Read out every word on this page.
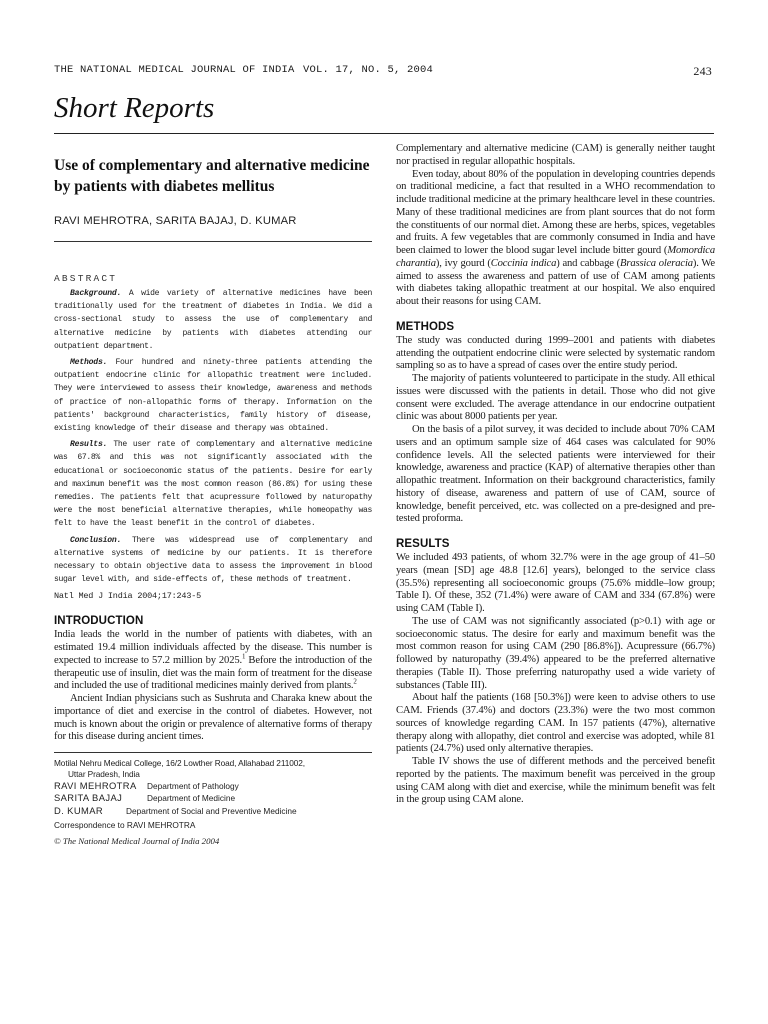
THE NATIONAL MEDICAL JOURNAL OF INDIA VOL. 17, NO. 5, 2004	243
Short Reports
Use of complementary and alternative medicine by patients with diabetes mellitus
RAVI MEHROTRA, SARITA BAJAJ, D. KUMAR
ABSTRACT

Background. A wide variety of alternative medicines have been traditionally used for the treatment of diabetes in India. We did a cross-sectional study to assess the use of complementary and alternative medicine by patients with diabetes attending our outpatient department.

Methods. Four hundred and ninety-three patients attending the outpatient endocrine clinic for allopathic treatment were included. They were interviewed to assess their knowledge, awareness and methods of practice of non-allopathic forms of therapy. Information on the patients' background characteristics, family history of disease, existing knowledge of their disease and therapy was obtained.

Results. The user rate of complementary and alternative medicine was 67.8% and this was not significantly associated with the educational or socioeconomic status of the patients. Desire for early and maximum benefit was the most common reason (86.8%) for using these remedies. The patients felt that acupressure followed by naturopathy were the most beneficial alternative therapies, while homeopathy was felt to have the least benefit in the control of diabetes.

Conclusion. There was widespread use of complementary and alternative systems of medicine by our patients. It is therefore necessary to obtain objective data to assess the improvement in blood sugar level with, and side-effects of, these methods of treatment.

Natl Med J India 2004;17:243-5
INTRODUCTION

India leads the world in the number of patients with diabetes, with an estimated 19.4 million individuals affected by the disease. This number is expected to increase to 57.2 million by 2025.$^1$ Before the introduction of the therapeutic use of insulin, diet was the main form of treatment for the disease and included the use of traditional medicines mainly derived from plants.$^2$

Ancient Indian physicians such as Sushruta and Charaka knew about the importance of diet and exercise in the control of diabetes. However, not much is known about the origin or prevalence of alternative forms of therapy for this disease during ancient times.

Motilal Nehru Medical College, 16/2 Lowther Road, Allahabad 211002,
Uttar Pradesh, India
RAVI MEHROTRA Department of Pathology
SARITA BAJAJ	Department of Medicine
D. KUMAR	Department of Social and Preventive Medicine
Correspondence to RAVI MEHROTRA
© The National Medical Journal of India 2004

Complementary and alternative medicine (CAM) is generally neither taught nor practised in regular allopathic hospitals.

Even today, about 80% of the population in developing countries depends on traditional medicine, a fact that resulted in a WHO recommendation to include traditional medicine at the primary healthcare level in these countries. Many of these traditional medicines are from plant sources that do not form the constituents of our normal diet. Among these are herbs, spices, vegetables and fruits. A few vegetables that are commonly consumed in India and have been claimed to lower the blood sugar level include bitter gourd (Momordica charantia), ivy gourd (Coccinia indica) and cabbage (Brassica oleracia). We aimed to assess the awareness and pattern of use of CAM among patients with diabetes taking allopathic treatment at our hospital. We also enquired about their reasons for using CAM.

METHODS

The study was conducted during 1999–2001 and patients with diabetes attending the outpatient endocrine clinic were selected by systematic random sampling so as to have a spread of cases over the entire study period.

The majority of patients volunteered to participate in the study. All ethical issues were discussed with the patients in detail. Those who did not give consent were excluded. The average attendance in our endocrine outpatient clinic was about 8000 patients per year.

On the basis of a pilot survey, it was decided to include about 70% CAM users and an optimum sample size of 464 cases was calculated for 90% confidence levels. All the selected patients were interviewed for their knowledge, awareness and practice (KAP) of alternative therapies other than allopathic treatment. Information on their background characteristics, family history of disease, awareness and pattern of use of CAM, source of knowledge, benefit perceived, etc. was collected on a pre-designed and pre-tested proforma.

RESULTS

We included 493 patients, of whom 32.7% were in the age group of 41–50 years (mean [SD] age 48.8 [12.6] years), belonged to the service class (35.5%) representing all socioeconomic groups (75.6% middle–low group; Table I). Of these, 352 (71.4%) were aware of CAM and 334 (67.8%) were using CAM (Table I).

The use of CAM was not significantly associated (p>0.1) with age or socioeconomic status. The desire for early and maximum benefit was the most common reason for using CAM (290 [86.8%]). Acupressure (66.7%) followed by naturopathy (39.4%) appeared to be the preferred alternative therapies (Table II). Those preferring naturopathy used a wide variety of substances (Table III).

About half the patients (168 [50.3%]) were keen to advise others to use CAM. Friends (37.4%) and doctors (23.3%) were the two most common sources of knowledge regarding CAM. In 157 patients (47%), alternative therapy along with allopathy, diet control and exercise was adopted, while 81 patients (24.7%) used only alternative therapies.

Table IV shows the use of different methods and the perceived benefit reported by the patients. The maximum benefit was perceived in the group using CAM along with diet and exercise, while the minimum benefit was felt in the group using CAM alone.
